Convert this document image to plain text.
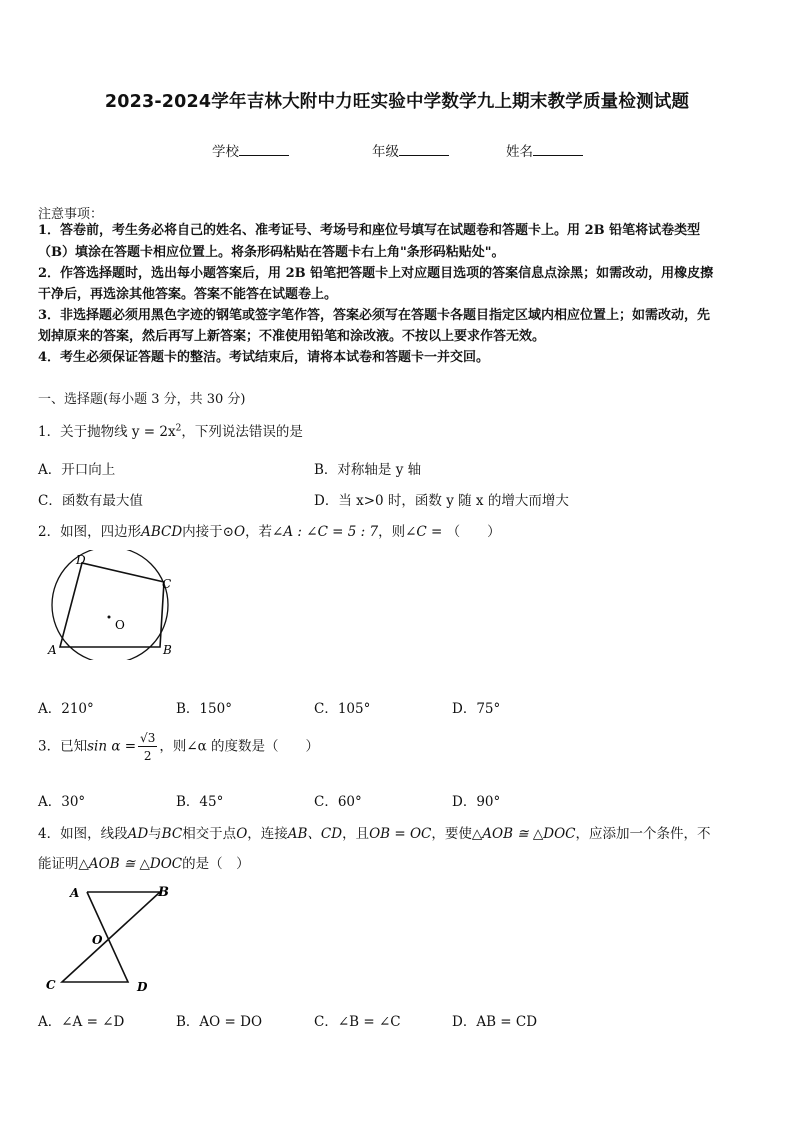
2023-2024学年吉林大附中力旺实验中学数学九上期末教学质量检测试题
学校	年级	姓名
注意事项：
1．答卷前，考生务必将自己的姓名、准考证号、考场号和座位号填写在试题卷和答题卡上。用 2B 铅笔将试卷类型
（B）填涂在答题卡相应位置上。将条形码粘贴在答题卡右上角"条形码粘贴处"。
2．作答选择题时，选出每小题答案后，用 2B 铅笔把答题卡上对应题目选项的答案信息点涂黑；如需改动，用橡皮擦
干净后，再选涂其他答案。答案不能答在试题卷上。
3．非选择题必须用黑色字迹的钢笔或签字笔作答，答案必须写在答题卡各题目指定区域内相应位置上；如需改动，先
划掉原来的答案，然后再写上新答案；不准使用铅笔和涂改液。不按以上要求作答无效。
4．考生必须保证答题卡的整洁。考试结束后，请将本试卷和答题卡一并交回。
一、选择题(每小题 3 分，共 30 分)
1．关于抛物线 $y = 2x^2$，下列说法错误的是
A．开口向上	B．对称轴是 y 轴
C．函数有最大值	D．当 x>0 时，函数 y 随 x 的增大而增大
2．如图，四边形ABCD内接于⊙O，若∠A : ∠C = 5 : 7，则∠C = （　　）
O
A	B
C
D
A．210°	B．150°	C．105°	D．75°
3．已知$\sin \alpha = \frac{√3}{2}$ ，则∠α 的度数是（　　）
A．30°	B．45°	C．60°	D．90°
4．如图，线段AD与BC相交于点O，连接AB、CD，且OB = OC，要使△AOB ≅ △DOC，应添加一个条件，不
能证明△AOB ≅ △DOC的是（　）
A	B
O
C	D
A．∠A = ∠D	B．AO = DO	C．∠B = ∠C	D．AB = CD
